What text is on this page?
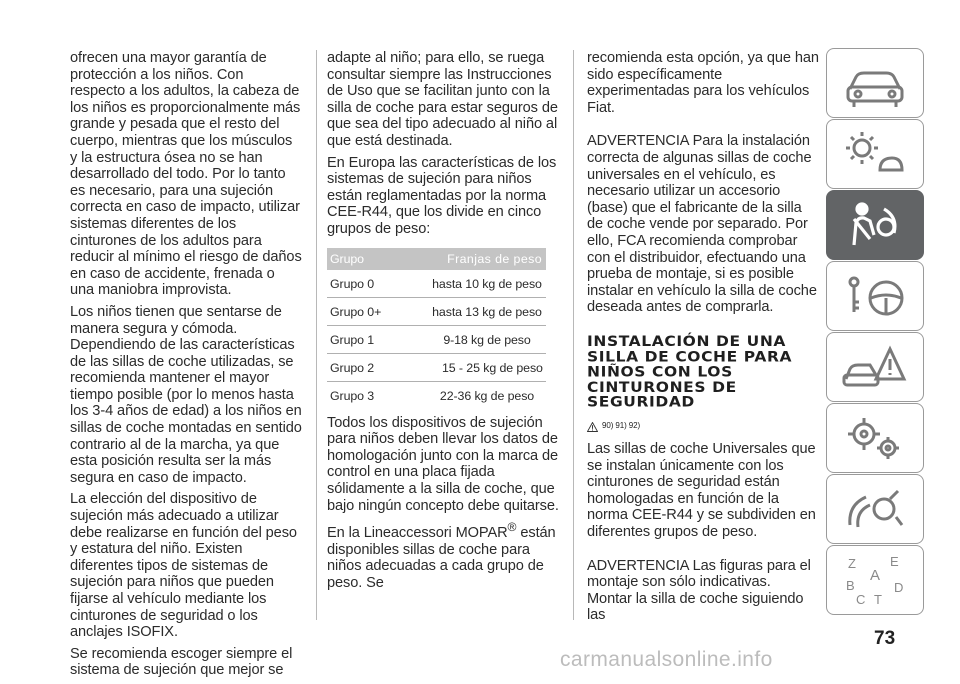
ofrecen una mayor garantía de protección a los niños. Con respecto a los adultos, la cabeza de los niños es proporcionalmente más grande y pesada que el resto del cuerpo, mientras que los músculos y la estructura ósea no se han desarrollado del todo. Por lo tanto es necesario, para una sujeción correcta en caso de impacto, utilizar sistemas diferentes de los cinturones de los adultos para reducir al mínimo el riesgo de daños en caso de accidente, frenada o una maniobra improvista.

Los niños tienen que sentarse de manera segura y cómoda. Dependiendo de las características de las sillas de coche utilizadas, se recomienda mantener el mayor tiempo posible (por lo menos hasta los 3-4 años de edad) a los niños en sillas de coche montadas en sentido contrario al de la marcha, ya que esta posición resulta ser la más segura en caso de impacto.

La elección del dispositivo de sujeción más adecuado a utilizar debe realizarse en función del peso y estatura del niño. Existen diferentes tipos de sistemas de sujeción para niños que pueden fijarse al vehículo mediante los cinturones de seguridad o los anclajes ISOFIX.

Se recomienda escoger siempre el sistema de sujeción que mejor se

adapte al niño; para ello, se ruega consultar siempre las Instrucciones de Uso que se facilitan junto con la silla de coche para estar seguros de que sea del tipo adecuado al niño al que está destinada.

En Europa las características de los sistemas de sujeción para niños están reglamentadas por la norma CEE-R44, que los divide en cinco grupos de peso:

Grupo	Franjas de peso
Grupo 0	hasta 10 kg de peso
Grupo 0+	hasta 13 kg de peso
Grupo 1	9-18 kg de peso
Grupo 2	15 - 25 kg de peso
Grupo 3	22-36 kg de peso

Todos los dispositivos de sujeción para niños deben llevar los datos de homologación junto con la marca de control en una placa fijada sólidamente a la silla de coche, que bajo ningún concepto debe quitarse.

En la Lineaccessori MOPAR® están disponibles sillas de coche para niños adecuadas a cada grupo de peso. Se

recomienda esta opción, ya que han sido específicamente experimentadas para los vehículos Fiat.

ADVERTENCIA Para la instalación correcta de algunas sillas de coche universales en el vehículo, es necesario utilizar un accesorio (base) que el fabricante de la silla de coche vende por separado. Por ello, FCA recomienda comprobar con el distribuidor, efectuando una prueba de montaje, si es posible instalar en vehículo la silla de coche deseada antes de comprarla.

INSTALACIÓN DE UNA SILLA DE COCHE PARA NIÑOS CON LOS CINTURONES DE SEGURIDAD
90) 91) 92)

Las sillas de coche Universales que se instalan únicamente con los cinturones de seguridad están homologadas en función de la norma CEE-R44 y se subdividen en diferentes grupos de peso.

ADVERTENCIA Las figuras para el montaje son sólo indicativas. Montar la silla de coche siguiendo las

Z	E
A
B
C T
D
73
carmanualsonline.info
